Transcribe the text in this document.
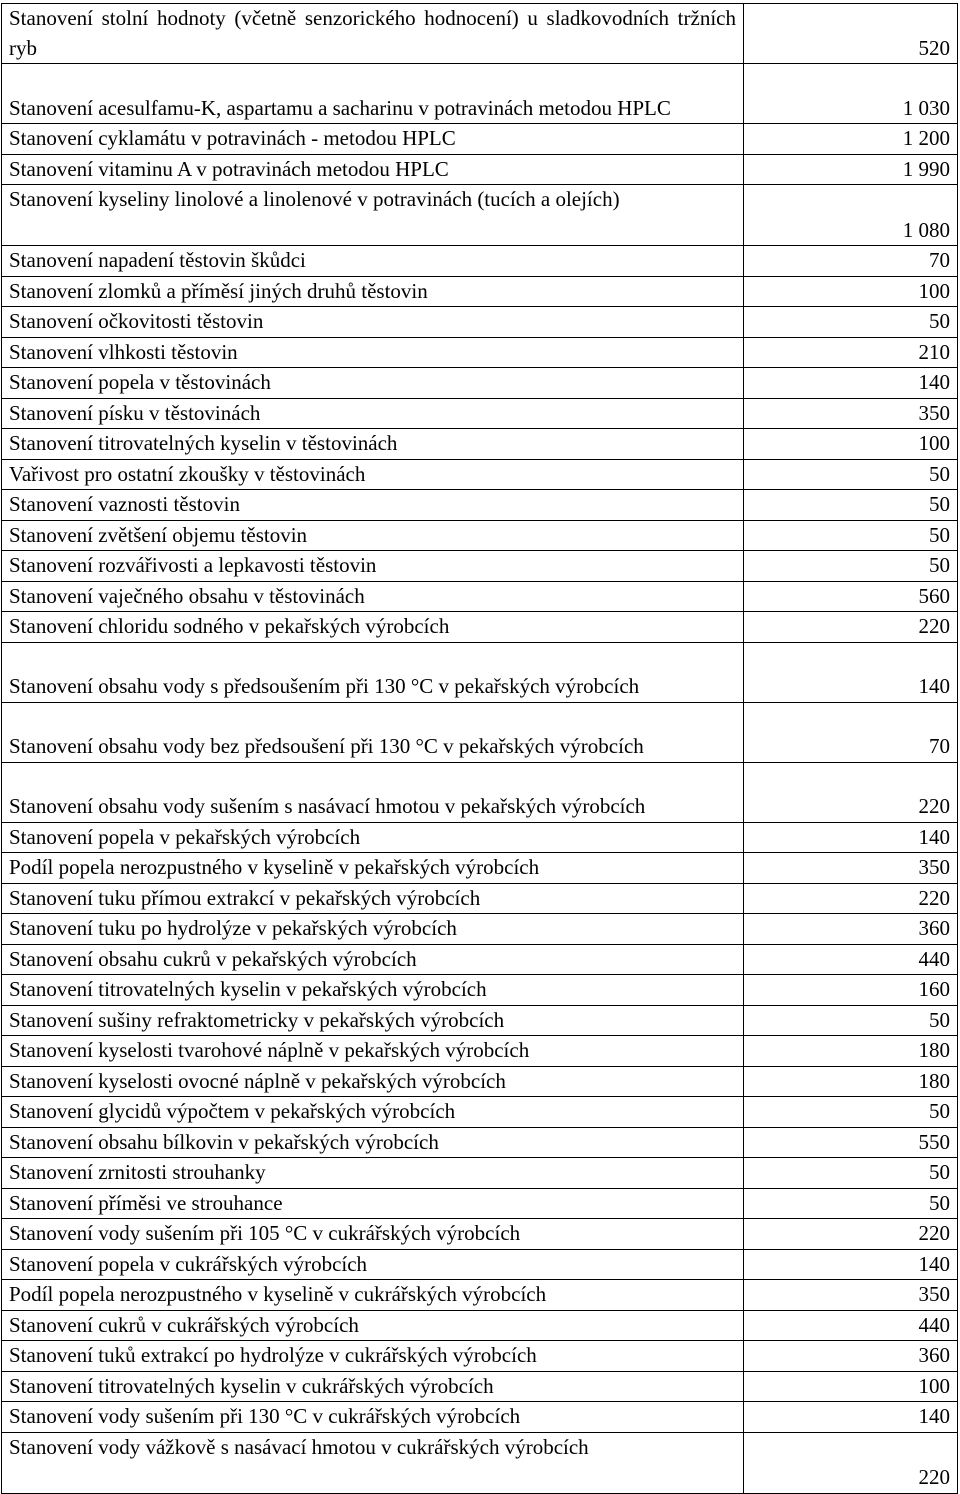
Stanovení stolní hodnoty (včetně senzorického hodnocení) u sladkovodních tržních ryb	520
Stanovení acesulfamu-K, aspartamu a sacharinu v potravinách metodou HPLC	1 030
Stanovení cyklamátu v potravinách - metodou HPLC	1 200
Stanovení vitaminu A v potravinách metodou HPLC	1 990
Stanovení kyseliny linolové a linolenové v potravinách (tucích a olejích)	1 080
Stanovení napadení těstovin škůdci	70
Stanovení zlomků a příměsí jiných druhů těstovin	100
Stanovení očkovitosti těstovin	50
Stanovení vlhkosti těstovin	210
Stanovení popela v těstovinách	140
Stanovení písku v těstovinách	350
Stanovení titrovatelných kyselin v těstovinách	100
Vařivost pro ostatní zkoušky v těstovinách	50
Stanovení vaznosti těstovin	50
Stanovení zvětšení objemu těstovin	50
Stanovení rozvářivosti a lepkavosti těstovin	50
Stanovení vaječného obsahu v těstovinách	560
Stanovení chloridu sodného v pekařských výrobcích	220
Stanovení obsahu vody s předsoušením při 130 °C v pekařských výrobcích	140
Stanovení obsahu vody bez předsoušení při 130 °C v pekařských výrobcích	70
Stanovení obsahu vody sušením s nasávací hmotou v pekařských výrobcích	220
Stanovení popela v pekařských výrobcích	140
Podíl popela nerozpustného v kyselině v pekařských výrobcích	350
Stanovení tuku přímou extrakcí v pekařských výrobcích	220
Stanovení tuku po hydrolýze v pekařských výrobcích	360
Stanovení obsahu cukrů v pekařských výrobcích	440
Stanovení titrovatelných kyselin v pekařských výrobcích	160
Stanovení sušiny refraktometricky v pekařských výrobcích	50
Stanovení kyselosti tvarohové náplně v pekařských výrobcích	180
Stanovení kyselosti ovocné náplně v pekařských výrobcích	180
Stanovení glycidů výpočtem v pekařských výrobcích	50
Stanovení obsahu bílkovin v pekařských výrobcích	550
Stanovení zrnitosti strouhanky	50
Stanovení příměsi ve strouhance	50
Stanovení vody sušením při 105 °C v cukrářských výrobcích	220
Stanovení popela v cukrářských výrobcích	140
Podíl popela nerozpustného v kyselině v cukrářských výrobcích	350
Stanovení cukrů v cukrářských výrobcích	440
Stanovení tuků extrakcí po hydrolýze v cukrářských výrobcích	360
Stanovení titrovatelných kyselin v cukrářských výrobcích	100
Stanovení vody sušením při 130 °C v cukrářských výrobcích	140
Stanovení vody vážkově s nasávací hmotou v cukrářských výrobcích	220
